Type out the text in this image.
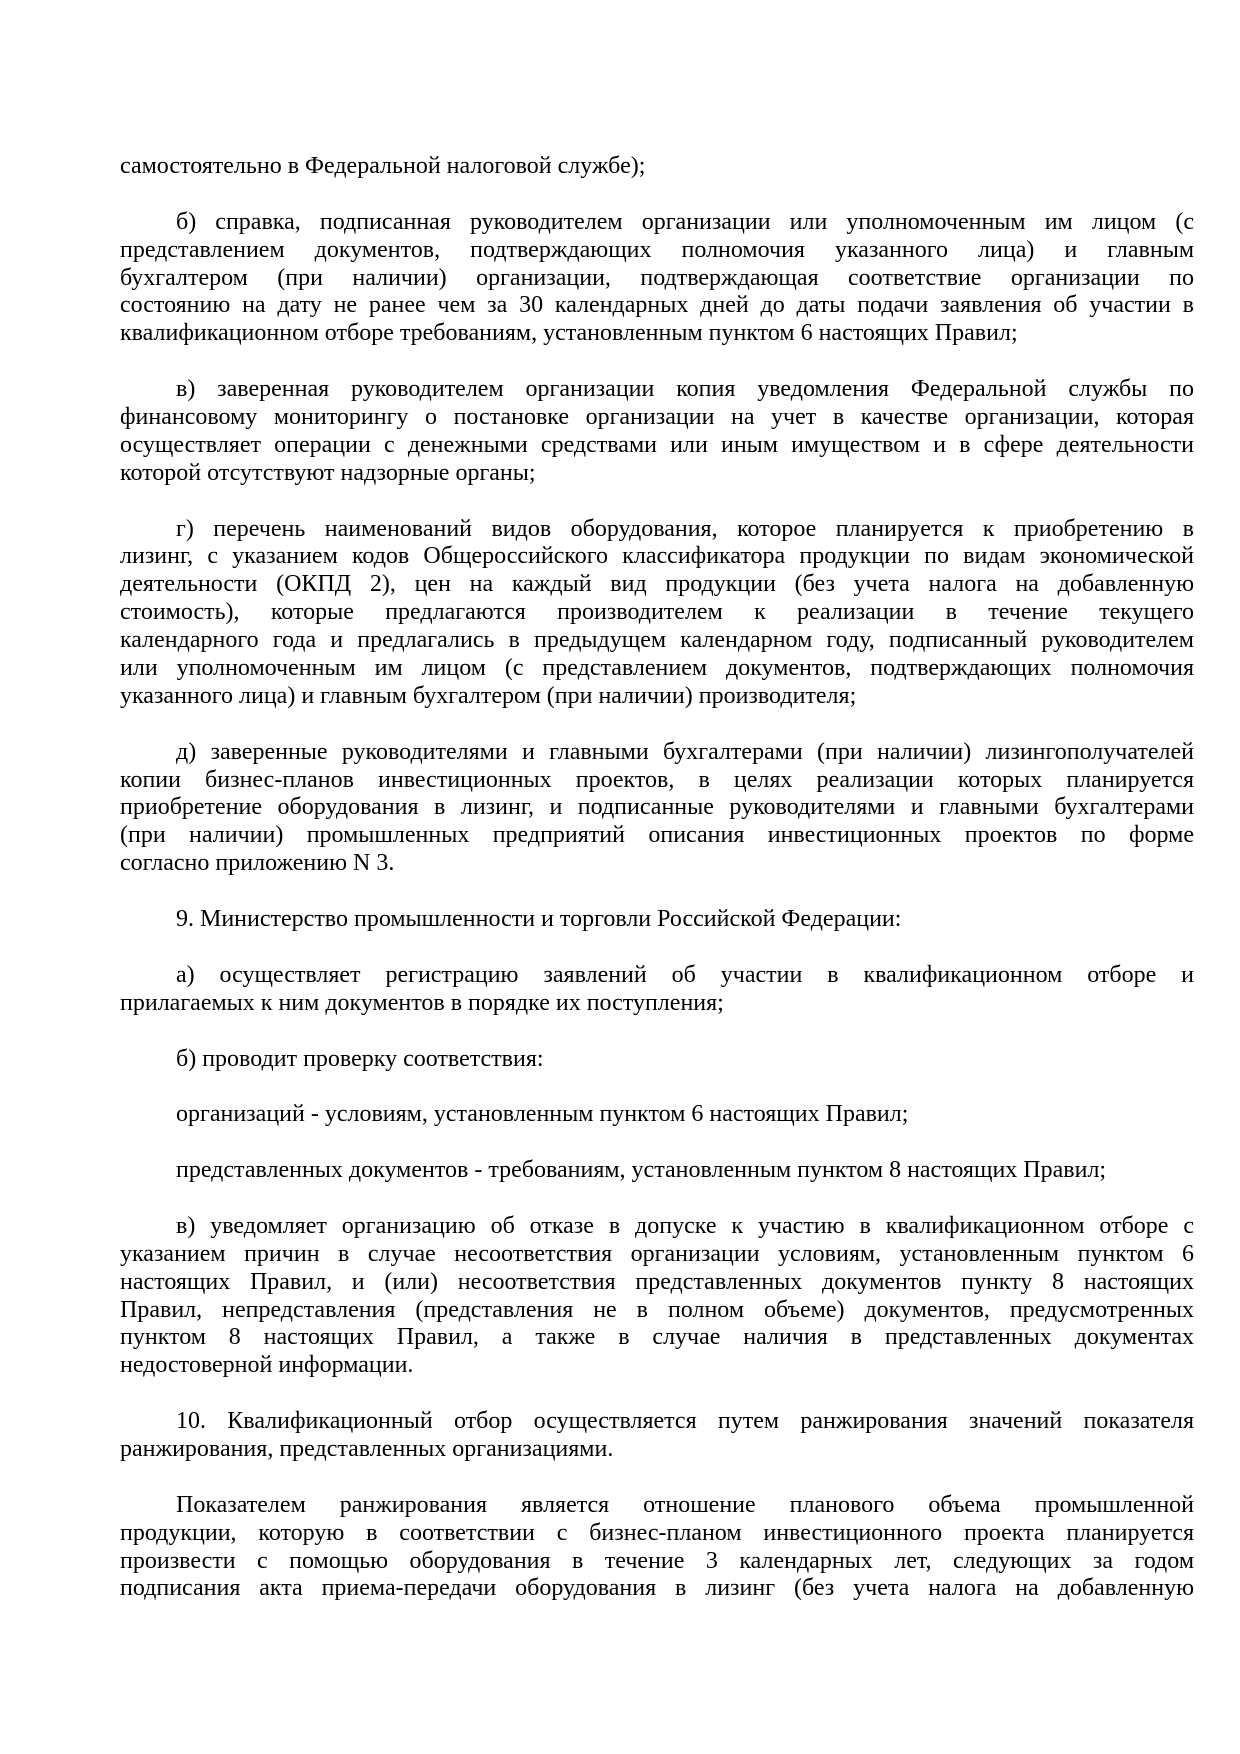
самостоятельно в Федеральной налоговой службе);
б) справка, подписанная руководителем организации или уполномоченным им лицом (с
представлением документов, подтверждающих полномочия указанного лица) и главным
бухгалтером (при наличии) организации, подтверждающая соответствие организации по
состоянию на дату не ранее чем за 30 календарных дней до даты подачи заявления об участии в
квалификационном отборе требованиям, установленным пунктом 6 настоящих Правил;
в) заверенная руководителем организации копия уведомления Федеральной службы по
финансовому мониторингу о постановке организации на учет в качестве организации, которая
осуществляет операции с денежными средствами или иным имуществом и в сфере деятельности
которой отсутствуют надзорные органы;
г) перечень наименований видов оборудования, которое планируется к приобретению в
лизинг, с указанием кодов Общероссийского классификатора продукции по видам экономической
деятельности (ОКПД 2), цен на каждый вид продукции (без учета налога на добавленную
стоимость), которые предлагаются производителем к реализации в течение текущего
календарного года и предлагались в предыдущем календарном году, подписанный руководителем
или уполномоченным им лицом (с представлением документов, подтверждающих полномочия
указанного лица) и главным бухгалтером (при наличии) производителя;
д) заверенные руководителями и главными бухгалтерами (при наличии) лизингополучателей
копии бизнес-планов инвестиционных проектов, в целях реализации которых планируется
приобретение оборудования в лизинг, и подписанные руководителями и главными бухгалтерами
(при наличии) промышленных предприятий описания инвестиционных проектов по форме
согласно приложению N 3.
9. Министерство промышленности и торговли Российской Федерации:
а) осуществляет регистрацию заявлений об участии в квалификационном отборе и
прилагаемых к ним документов в порядке их поступления;
б) проводит проверку соответствия:
организаций - условиям, установленным пунктом 6 настоящих Правил;
представленных документов - требованиям, установленным пунктом 8 настоящих Правил;
в) уведомляет организацию об отказе в допуске к участию в квалификационном отборе с
указанием причин в случае несоответствия организации условиям, установленным пунктом 6
настоящих Правил, и (или) несоответствия представленных документов пункту 8 настоящих
Правил, непредставления (представления не в полном объеме) документов, предусмотренных
пунктом 8 настоящих Правил, а также в случае наличия в представленных документах
недостоверной информации.
10. Квалификационный отбор осуществляется путем ранжирования значений показателя
ранжирования, представленных организациями.
Показателем ранжирования является отношение планового объема промышленной
продукции, которую в соответствии с бизнес-планом инвестиционного проекта планируется
произвести с помощью оборудования в течение 3 календарных лет, следующих за годом
подписания акта приема-передачи оборудования в лизинг (без учета налога на добавленную
